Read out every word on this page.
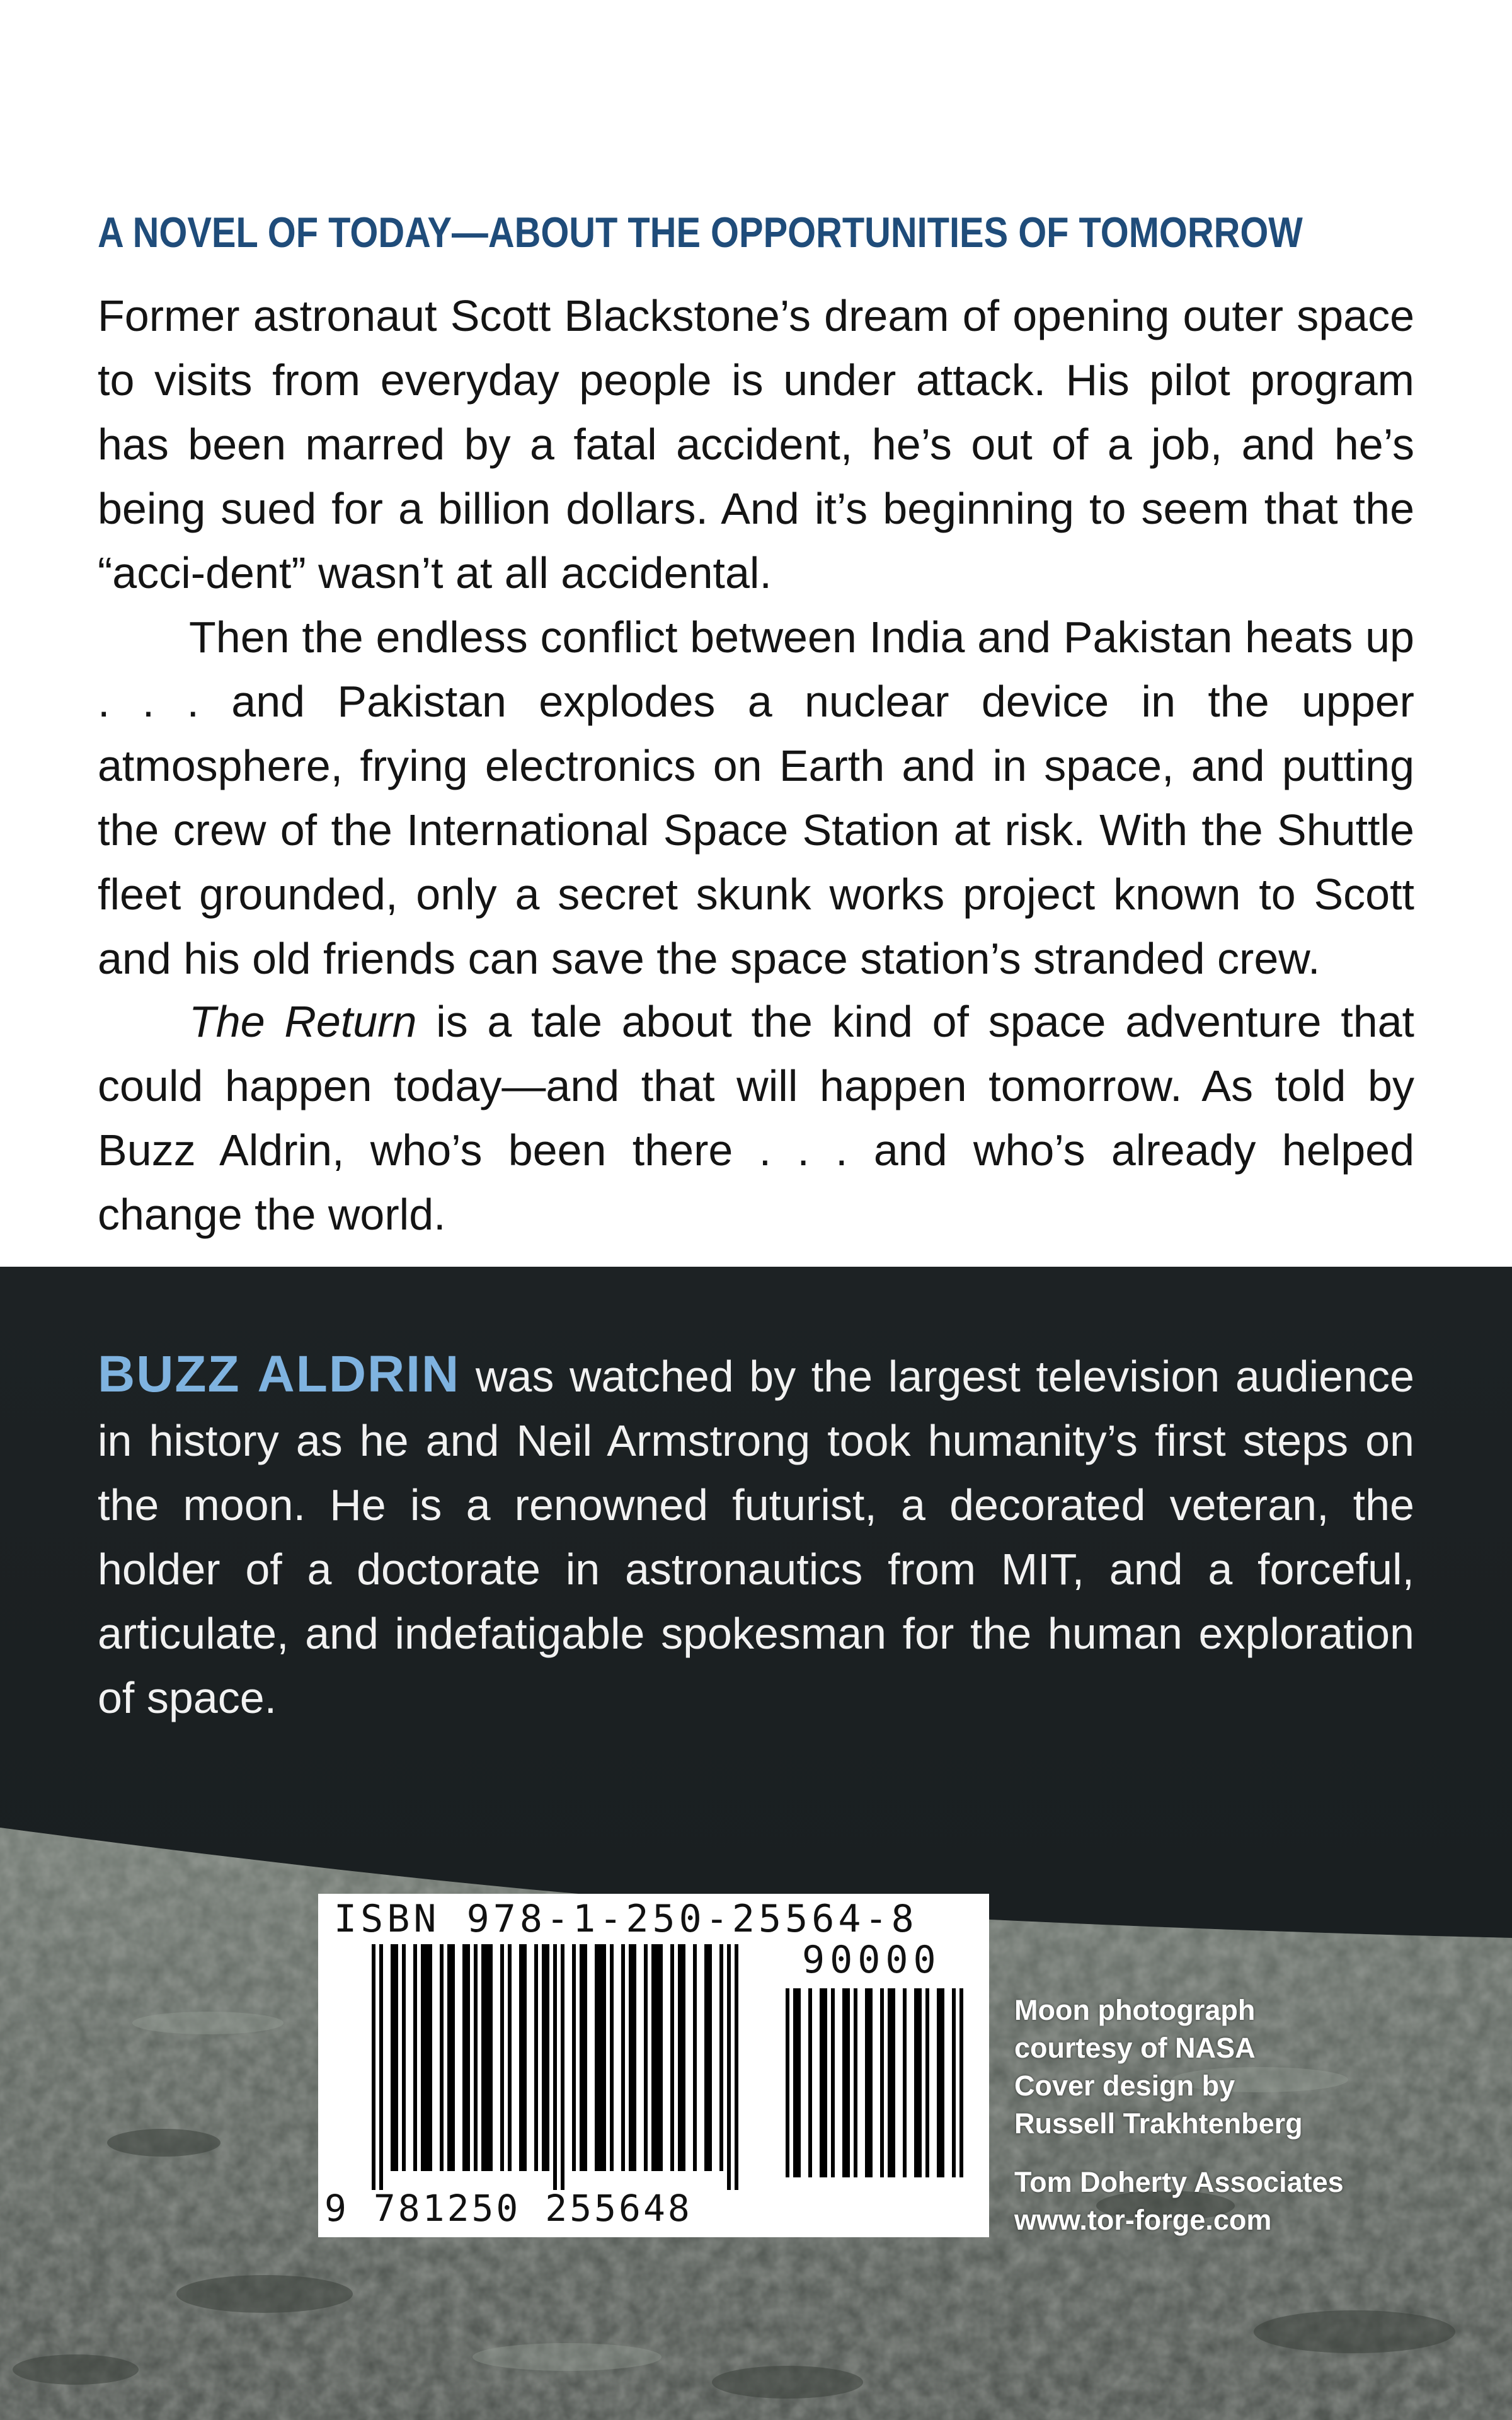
A NOVEL OF TODAY—ABOUT THE OPPORTUNITIES OF TOMORROW

Former astronaut Scott Blackstone’s dream of opening outer space to visits from everyday people is under attack. His pilot program has been marred by a fatal accident, he’s out of a job, and he’s being sued for a billion dollars. And it’s beginning to seem that the “acci-dent” wasn’t at all accidental.

Then the endless conflict between India and Pakistan heats up . . . and Pakistan explodes a nuclear device in the upper atmosphere, frying electronics on Earth and in space, and putting the crew of the International Space Station at risk. With the Shuttle fleet grounded, only a secret skunk works project known to Scott and his old friends can save the space station’s stranded crew.

The Return is a tale about the kind of space adventure that could happen today—and that will happen tomorrow. As told by Buzz Aldrin, who’s been there . . . and who’s already helped change the world.

BUZZ ALDRIN was watched by the largest television audience in history as he and Neil Armstrong took humanity’s first steps on the moon. He is a renowned futurist, a decorated veteran, the holder of a doctorate in astronautics from MIT, and a forceful, articulate, and indefatigable spokesman for the human exploration of space.

ISBN 978-1-250-25564-8
90000
9 781250 255648
Moon photograph
courtesy of NASA
Cover design by
Russell Trakhtenberg
Tom Doherty Associates
www.tor-forge.com
